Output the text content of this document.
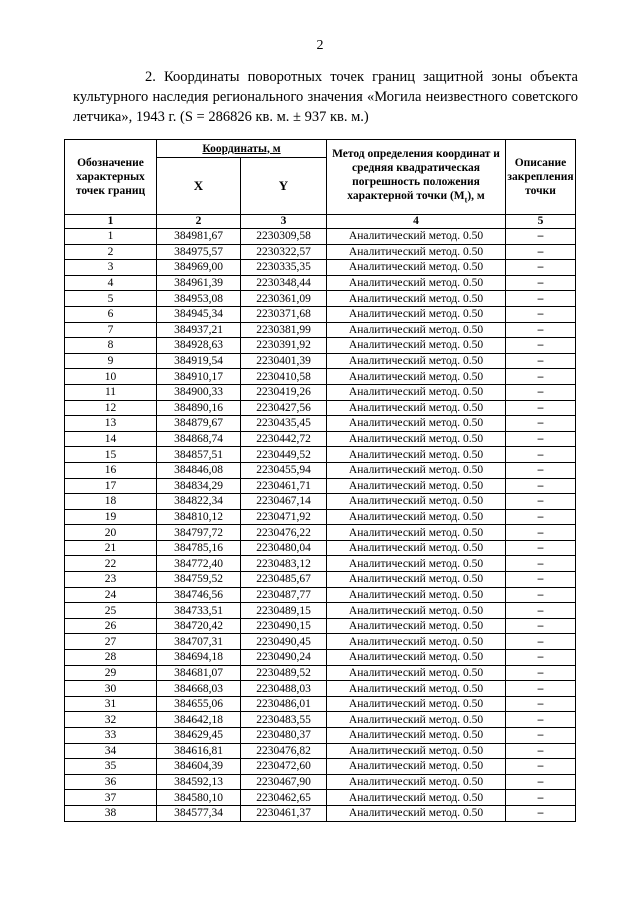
2
2. Координаты поворотных точек границ защитной зоны объекта культурного наследия регионального значения «Могила неизвестного советского летчика», 1943 г. (S = 286826 кв. м. ± 937 кв. м.)
Обозначение характерных точек границ	Координаты, м		Метод определения координат и средняя квадратическая погрешность положения характерной точки $(M_t)$, м	Описание закрепления точки
	X	Y		
1	2	3	4	5
1	384981,67	2230309,58	Аналитический метод. 0.50	–
2	384975,57	2230322,57	Аналитический метод. 0.50	–
3	384969,00	2230335,35	Аналитический метод. 0.50	–
4	384961,39	2230348,44	Аналитический метод. 0.50	–
5	384953,08	2230361,09	Аналитический метод. 0.50	–
6	384945,34	2230371,68	Аналитический метод. 0.50	–
7	384937,21	2230381,99	Аналитический метод. 0.50	–
8	384928,63	2230391,92	Аналитический метод. 0.50	–
9	384919,54	2230401,39	Аналитический метод. 0.50	–
10	384910,17	2230410,58	Аналитический метод. 0.50	–
11	384900,33	2230419,26	Аналитический метод. 0.50	–
12	384890,16	2230427,56	Аналитический метод. 0.50	–
13	384879,67	2230435,45	Аналитический метод. 0.50	–
14	384868,74	2230442,72	Аналитический метод. 0.50	–
15	384857,51	2230449,52	Аналитический метод. 0.50	–
16	384846,08	2230455,94	Аналитический метод. 0.50	–
17	384834,29	2230461,71	Аналитический метод. 0.50	–
18	384822,34	2230467,14	Аналитический метод. 0.50	–
19	384810,12	2230471,92	Аналитический метод. 0.50	–
20	384797,72	2230476,22	Аналитический метод. 0.50	–
21	384785,16	2230480,04	Аналитический метод. 0.50	–
22	384772,40	2230483,12	Аналитический метод. 0.50	–
23	384759,52	2230485,67	Аналитический метод. 0.50	–
24	384746,56	2230487,77	Аналитический метод. 0.50	–
25	384733,51	2230489,15	Аналитический метод. 0.50	–
26	384720,42	2230490,15	Аналитический метод. 0.50	–
27	384707,31	2230490,45	Аналитический метод. 0.50	–
28	384694,18	2230490,24	Аналитический метод. 0.50	–
29	384681,07	2230489,52	Аналитический метод. 0.50	–
30	384668,03	2230488,03	Аналитический метод. 0.50	–
31	384655,06	2230486,01	Аналитический метод. 0.50	–
32	384642,18	2230483,55	Аналитический метод. 0.50	–
33	384629,45	2230480,37	Аналитический метод. 0.50	–
34	384616,81	2230476,82	Аналитический метод. 0.50	–
35	384604,39	2230472,60	Аналитический метод. 0.50	–
36	384592,13	2230467,90	Аналитический метод. 0.50	–
37	384580,10	2230462,65	Аналитический метод. 0.50	–
38	384577,34	2230461,37	Аналитический метод. 0.50	–
